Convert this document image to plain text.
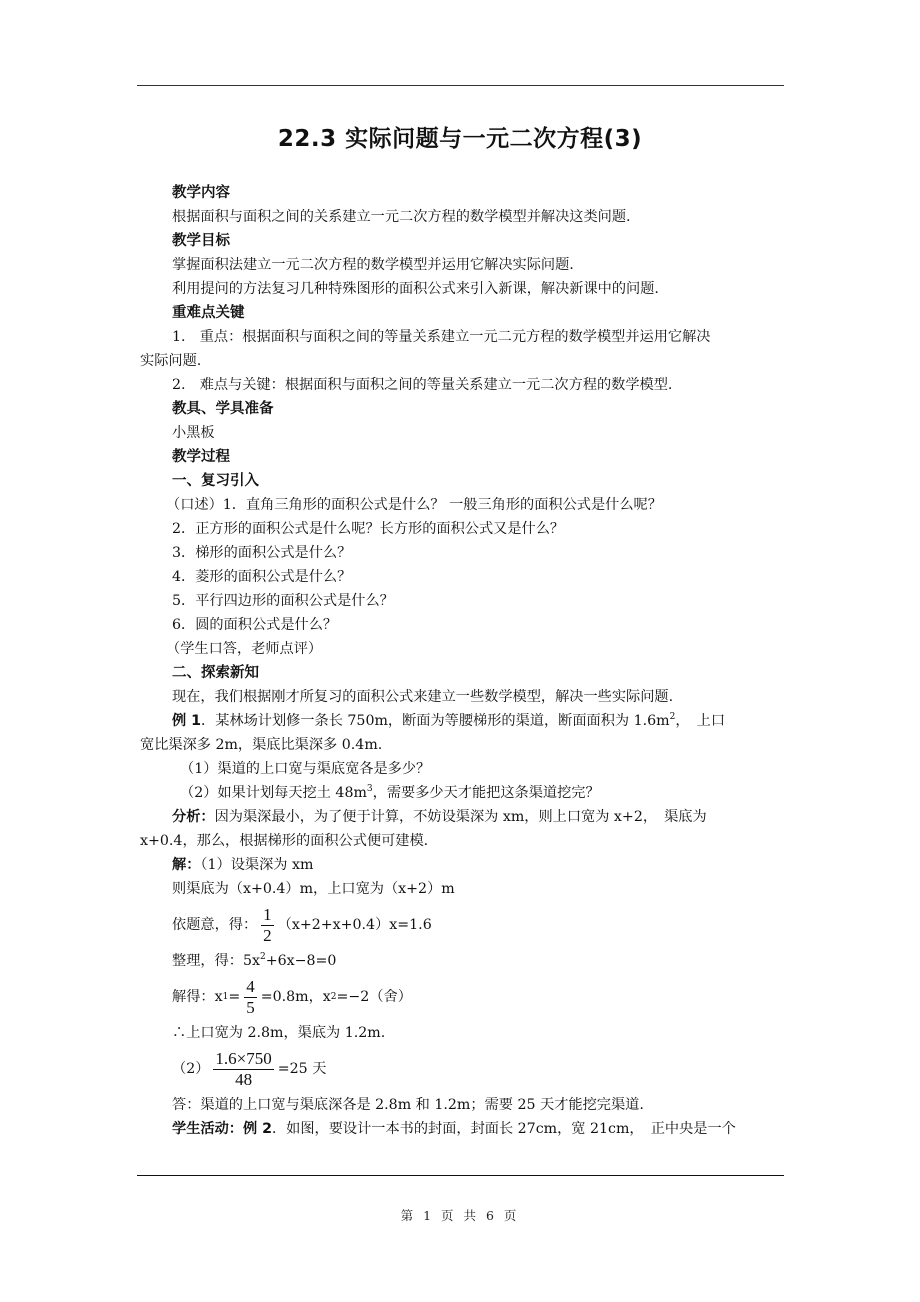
22.3 实际问题与一元二次方程(3)

教学内容

根据面积与面积之间的关系建立一元二次方程的数学模型并解决这类问题.

教学目标

掌握面积法建立一元二次方程的数学模型并运用它解决实际问题.

利用提问的方法复习几种特殊图形的面积公式来引入新课，解决新课中的问题.

重难点关键

1.　重点：根据面积与面积之间的等量关系建立一元二元方程的数学模型并运用它解决

实际问题.

2.　难点与关键：根据面积与面积之间的等量关系建立一元二次方程的数学模型.

教具、学具准备

小黑板

教学过程

一、复习引入

（口述）1．直角三角形的面积公式是什么？ 一般三角形的面积公式是什么呢？

2．正方形的面积公式是什么呢？长方形的面积公式又是什么？

3．梯形的面积公式是什么？

4．菱形的面积公式是什么？

5．平行四边形的面积公式是什么？

6．圆的面积公式是什么？

（学生口答，老师点评）

二、探索新知

现在，我们根据刚才所复习的面积公式来建立一些数学模型，解决一些实际问题.

例 1．某林场计划修一条长 750m，断面为等腰梯形的渠道，断面面积为 $1.6m^2$，　上口

宽比渠深多 2m，渠底比渠深多 0.4m.

（1）渠道的上口宽与渠底宽各是多少？

（2）如果计划每天挖土 $48m^3$，需要多少天才能把这条渠道挖完？

分析：因为渠深最小，为了便于计算，不妨设渠深为 xm，则上口宽为 x+2，　渠底为

x+0.4，那么，根据梯形的面积公式便可建模.

解：（1）设渠深为 xm

则渠底为（x+0.4）m，上口宽为（x+2）m

依题意，得： $\frac{1}{2} (x+2+x+0.4)x=1.6$

整理，得：$5x^2+6x-8=0$

解得：x $1 = \frac{4}{5} =0.8m$，x 2 =−2（舍）

∴上口宽为 2.8m，渠底为 1.2m.

$(2) \frac{1.6\times 750}{48} =25$ 天

答：渠道的上口宽与渠底深各是 2.8m 和 1.2m；需要 25 天才能挖完渠道.

学生活动：例 2．如图，要设计一本书的封面，封面长 27cm，宽 21cm，　正中央是一个

第 1 页 共 6 页
